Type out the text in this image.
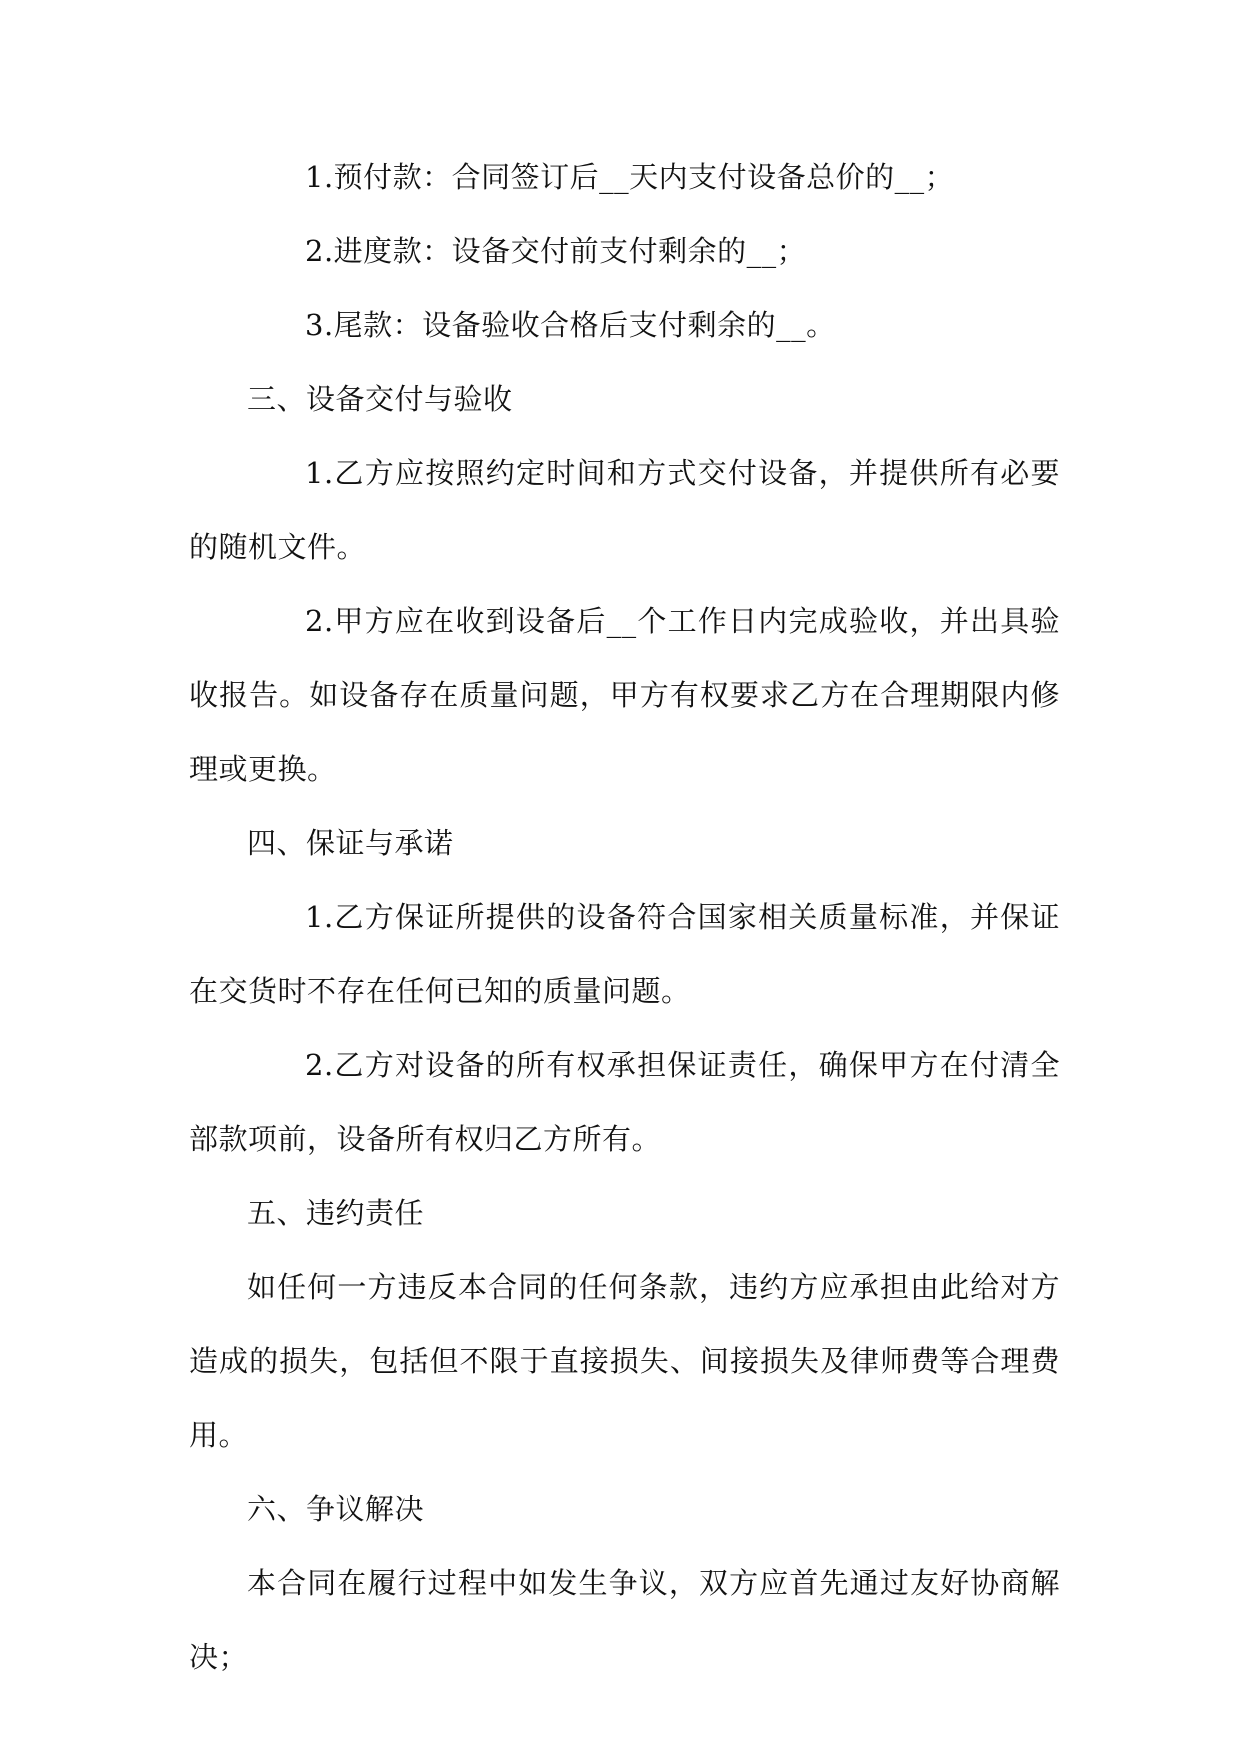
1.预付款：合同签订后__天内支付设备总价的__；

2.进度款：设备交付前支付剩余的__；

3.尾款：设备验收合格后支付剩余的__。

三、设备交付与验收

1.乙方应按照约定时间和方式交付设备，并提供所有必要的随机文件。

2.甲方应在收到设备后__个工作日内完成验收，并出具验收报告。如设备存在质量问题，甲方有权要求乙方在合理期限内修理或更换。

四、保证与承诺

1.乙方保证所提供的设备符合国家相关质量标准，并保证在交货时不存在任何已知的质量问题。

2.乙方对设备的所有权承担保证责任，确保甲方在付清全部款项前，设备所有权归乙方所有。

五、违约责任

如任何一方违反本合同的任何条款，违约方应承担由此给对方造成的损失，包括但不限于直接损失、间接损失及律师费等合理费用。

六、争议解决

本合同在履行过程中如发生争议，双方应首先通过友好协商解决；
